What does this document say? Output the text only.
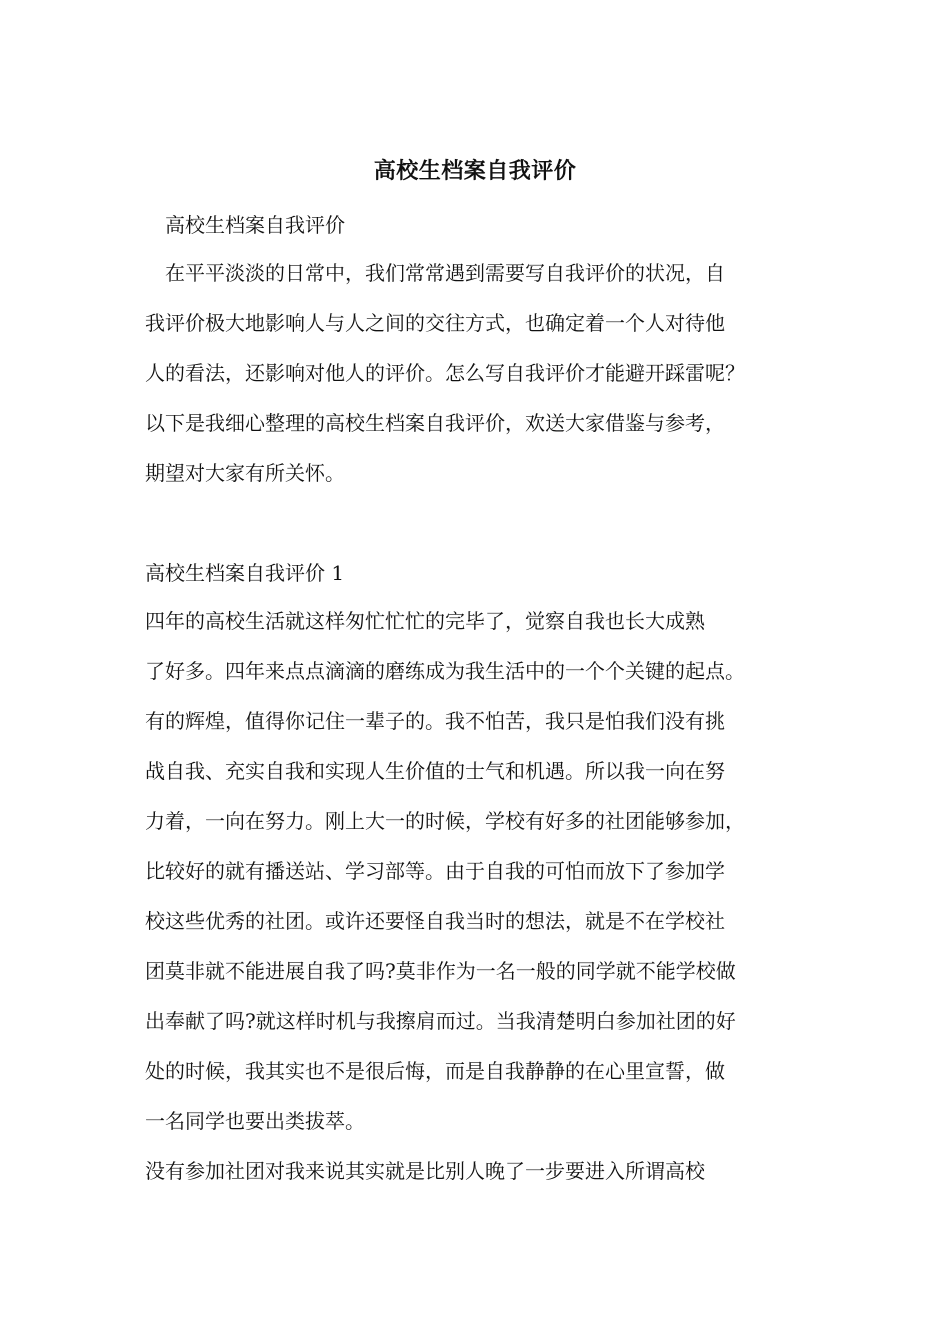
高校生档案自我评价
高校生档案自我评价
　在平平淡淡的日常中，我们常常遇到需要写自我评价的状况，自
我评价极大地影响人与人之间的交往方式，也确定着一个人对待他
人的看法，还影响对他人的评价。怎么写自我评价才能避开踩雷呢？
以下是我细心整理的高校生档案自我评价，欢送大家借鉴与参考，
期望对大家有所关怀。
高校生档案自我评价 1
四年的高校生活就这样匆忙忙忙的完毕了，觉察自我也长大成熟
了好多。四年来点点滴滴的磨练成为我生活中的一个个关键的起点。
有的辉煌，值得你记住一辈子的。我不怕苦，我只是怕我们没有挑
战自我、充实自我和实现人生价值的士气和机遇。所以我一向在努
力着，一向在努力。刚上大一的时候，学校有好多的社团能够参加，
比较好的就有播送站、学习部等。由于自我的可怕而放下了参加学
校这些优秀的社团。或许还要怪自我当时的想法，就是不在学校社
团莫非就不能进展自我了吗?莫非作为一名一般的同学就不能学校做
出奉献了吗?就这样时机与我擦肩而过。当我清楚明白参加社团的好
处的时候，我其实也不是很后悔，而是自我静静的在心里宣誓，做
一名同学也要出类拔萃。
没有参加社团对我来说其实就是比别人晚了一步要进入所谓高校
